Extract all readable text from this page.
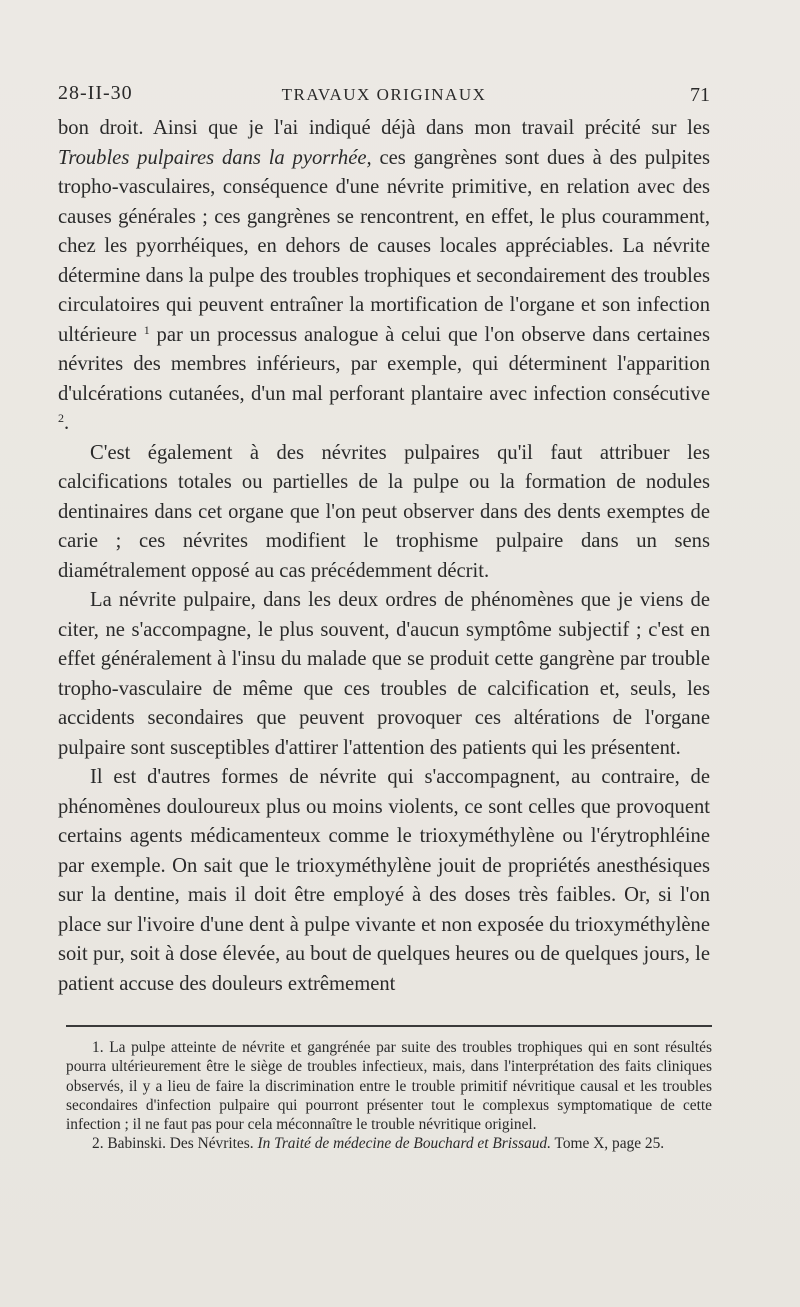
28-II-30	TRAVAUX ORIGINAUX	71

bon droit. Ainsi que je l'ai indiqué déjà dans mon travail précité sur les Troubles pulpaires dans la pyorrhée, ces gangrènes sont dues à des pulpites tropho-vasculaires, conséquence d'une névrite primitive, en relation avec des causes générales ; ces gangrènes se rencontrent, en effet, le plus couramment, chez les pyorrhéiques, en dehors de causes locales appréciables. La névrite détermine dans la pulpe des troubles trophiques et secondairement des troubles circulatoires qui peuvent entraîner la mortification de l'organe et son infection ultérieure $^1$ par un processus analogue à celui que l'on observe dans certaines névrites des membres inférieurs, par exemple, qui déterminent l'apparition d'ulcérations cutanées, d'un mal perforant plantaire avec infection consécutive $^2$.

C'est également à des névrites pulpaires qu'il faut attribuer les calcifications totales ou partielles de la pulpe ou la formation de nodules dentinaires dans cet organe que l'on peut observer dans des dents exemptes de carie ; ces névrites modifient le trophisme pulpaire dans un sens diamétralement opposé au cas précédemment décrit.

La névrite pulpaire, dans les deux ordres de phénomènes que je viens de citer, ne s'accompagne, le plus souvent, d'aucun symptôme subjectif ; c'est en effet généralement à l'insu du malade que se produit cette gangrène par trouble tropho-vasculaire de même que ces troubles de calcification et, seuls, les accidents secondaires que peuvent provoquer ces altérations de l'organe pulpaire sont susceptibles d'attirer l'attention des patients qui les présentent.

Il est d'autres formes de névrite qui s'accompagnent, au contraire, de phénomènes douloureux plus ou moins violents, ce sont celles que provoquent certains agents médicamenteux comme le trioxyméthylène ou l'érytrophléine par exemple. On sait que le trioxyméthylène jouit de propriétés anesthésiques sur la dentine, mais il doit être employé à des doses très faibles. Or, si l'on place sur l'ivoire d'une dent à pulpe vivante et non exposée du trioxyméthylène soit pur, soit à dose élevée, au bout de quelques heures ou de quelques jours, le patient accuse des douleurs extrêmement

1. La pulpe atteinte de névrite et gangrénée par suite des troubles trophiques qui en sont résultés pourra ultérieurement être le siège de troubles infectieux, mais, dans l'interprétation des faits cliniques observés, il y a lieu de faire la discrimination entre le trouble primitif névritique causal et les troubles secondaires d'infection pulpaire qui pourront présenter tout le complexus symptomatique de cette infection ; il ne faut pas pour cela méconnaître le trouble névritique originel.

2. Babinski. Des Névrites. In Traité de médecine de Bouchard et Brissaud. Tome X, page 25.
